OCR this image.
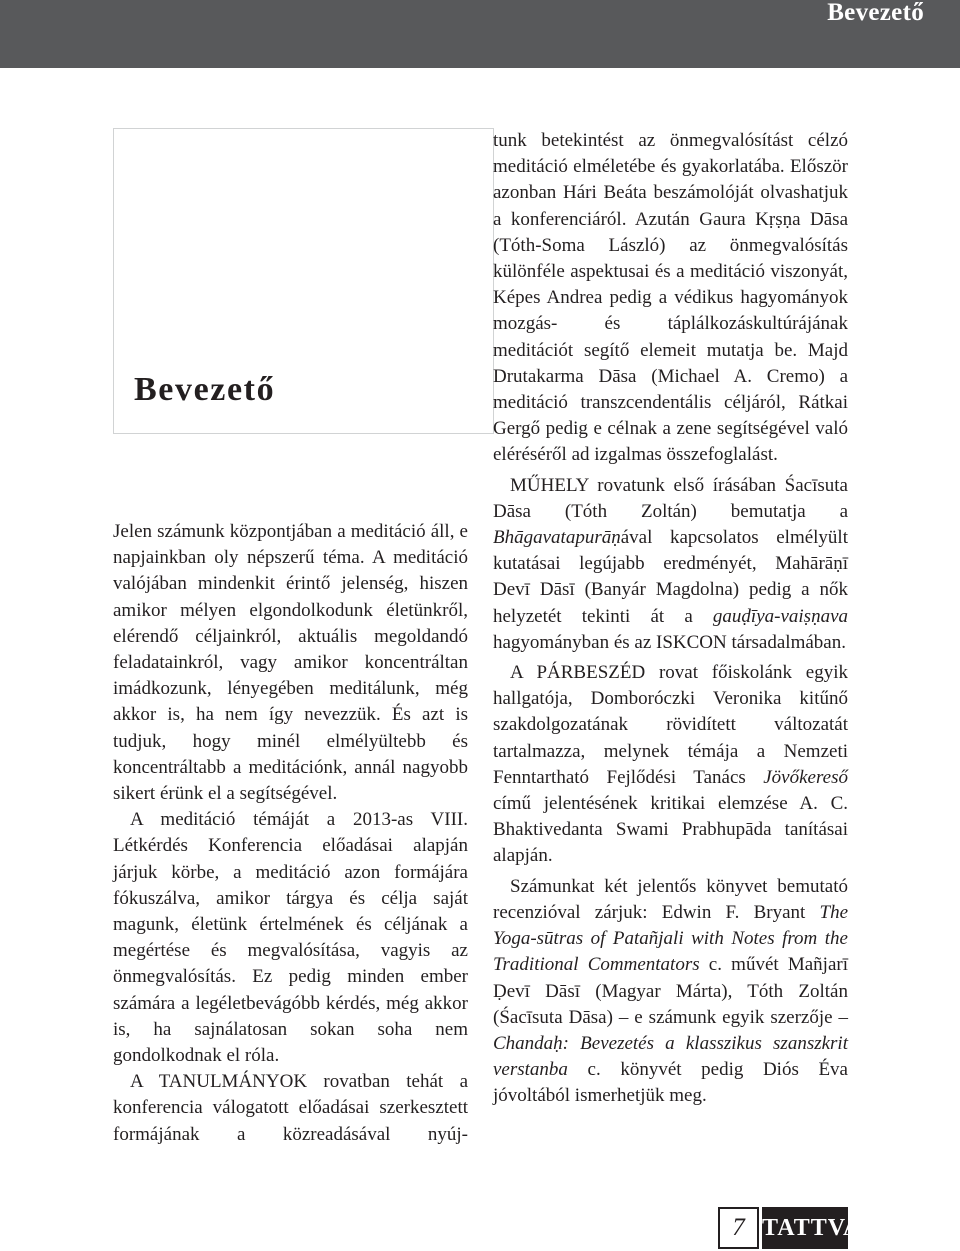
Bevezető
Bevezető

Jelen számunk központjában a meditáció áll, e napjainkban oly népszerű téma. A meditáció valójában mindenkit érintő jelenség, hiszen amikor mélyen elgondolkodunk életünkről, elérendő céljainkról, aktuális megoldandó feladatainkról, vagy amikor koncentráltan imádkozunk, lényegében meditálunk, még akkor is, ha nem így nevezzük. És azt is tudjuk, hogy minél elmélyültebb és koncentráltabb a meditációnk, annál nagyobb sikert érünk el a segítségével.

A meditáció témáját a 2013-as VIII. Létkérdés Konferencia előadásai alapján járjuk körbe, a meditáció azon formájára fókuszálva, amikor tárgya és célja saját magunk, életünk értelmének és céljának a megértése és megvalósítása, vagyis az önmegvalósítás. Ez pedig minden ember számára a legéletbevágóbb kérdés, még akkor is, ha sajnálatosan sokan soha nem gondolkodnak el róla.

A TANULMÁNYOK rovatban tehát a konferencia válogatott előadásai szerkesztett formájának a közreadásával nyúj-

tunk betekintést az önmegvalósítást célzó meditáció elméletébe és gyakorlatába. Először azonban Hári Beáta beszámolóját olvashatjuk a konferenciáról. Azután Gaura Kṛṣṇa Dāsa (Tóth-Soma László) az önmegvalósítás különféle aspektusai és a meditáció viszonyát, Képes Andrea pedig a védikus hagyományok mozgás- és táplálkozáskultúrájának meditációt segítő elemeit mutatja be. Majd Drutakarma Dāsa (Michael A. Cremo) a meditáció transzcendentális céljáról, Rátkai Gergő pedig e célnak a zene segítségével való eléréséről ad izgalmas összefoglalást.

MŰHELY rovatunk első írásában Śacīsuta Dāsa (Tóth Zoltán) bemutatja a Bhāgavatapurāṇával kapcsolatos elmélyült kutatásai legújabb eredményét, Mahārāṇī Devī Dāsī (Banyár Magdolna) pedig a nők helyzetét tekinti át a gauḍīya-vaiṣṇava hagyományban és az ISKCON társadalmában.

A PÁRBESZÉD rovat főiskolánk egyik hallgatója, Domboróczki Veronika kitűnő szakdolgozatának rövidített változatát tartalmazza, melynek témája a Nemzeti Fenntartható Fejlődési Tanács Jövőkereső című jelentésének kritikai elemzése A. C. Bhaktivedanta Swami Prabhupāda tanításai alapján.

Számunkat két jelentős könyvet bemutató recenzióval zárjuk: Edwin F. Bryant The Yoga-sūtras of Patañjali with Notes from the Traditional Commentators c. művét Mañjarī Ḍevī Dāsī (Magyar Márta), Tóth Zoltán (Śacīsuta Dāsa) – e számunk egyik szerzője – Chandaḥ: Bevezetés a klasszikus szanszkrit verstanba c. könyvét pedig Diós Éva jóvoltából ismerhetjük meg.

7 TATTVA
